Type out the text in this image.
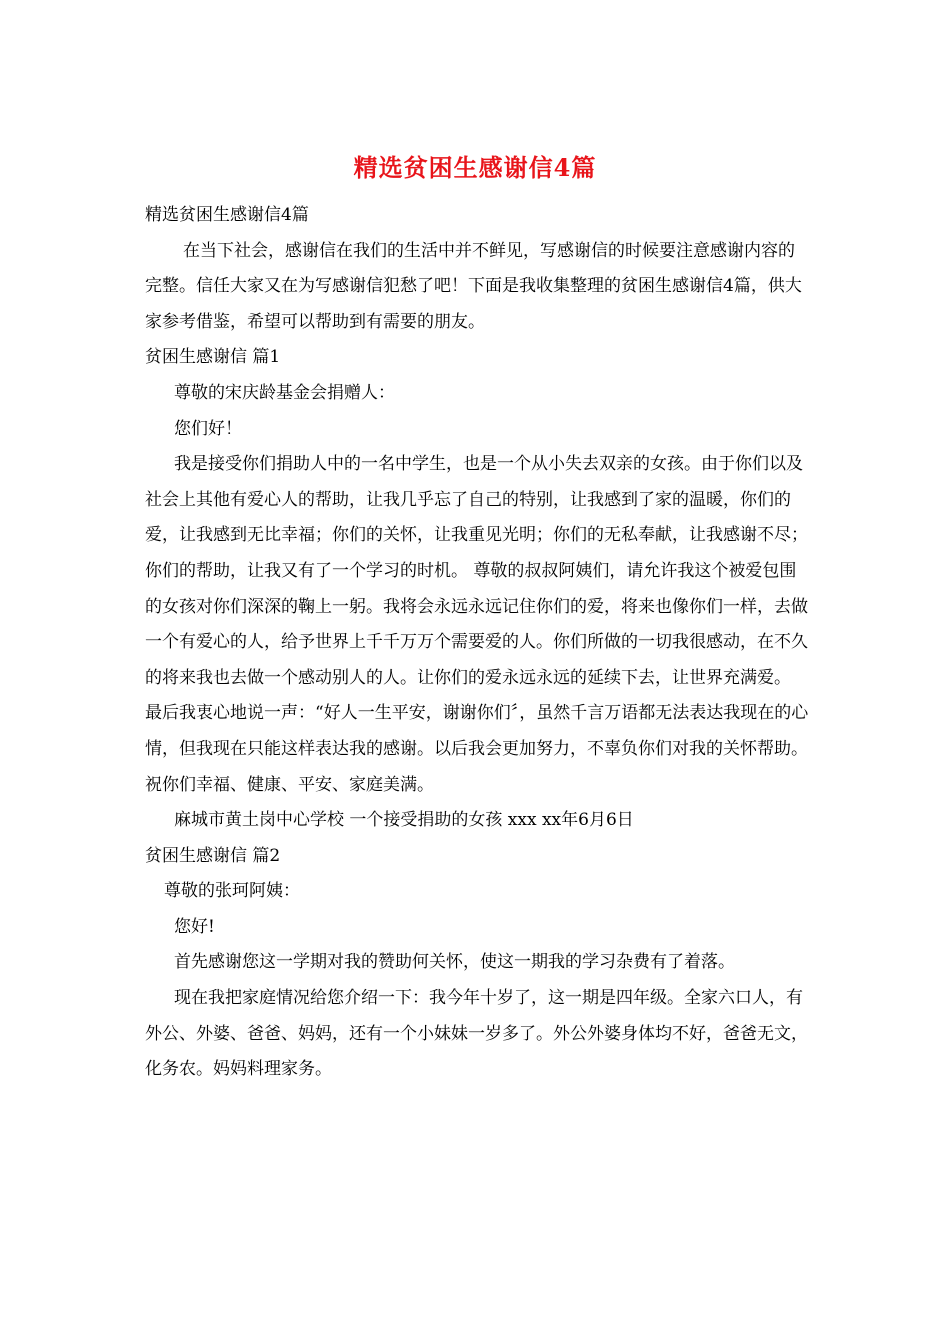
精选贫困生感谢信4篇

精选贫困生感谢信4篇

在当下社会，感谢信在我们的生活中并不鲜见，写感谢信的时候要注意感谢内容的完整。信任大家又在为写感谢信犯愁了吧！下面是我收集整理的贫困生感谢信4篇，供大家参考借鉴，希望可以帮助到有需要的朋友。

贫困生感谢信 篇1

尊敬的宋庆龄基金会捐赠人：

您们好！

我是接受你们捐助人中的一名中学生，也是一个从小失去双亲的女孩。由于你们以及社会上其他有爱心人的帮助，让我几乎忘了自己的特别，让我感到了家的温暖，你们的爱，让我感到无比幸福；你们的关怀，让我重见光明；你们的无私奉献，让我感谢不尽；你们的帮助，让我又有了一个学习的时机。 尊敬的叔叔阿姨们，请允许我这个被爱包围的女孩对你们深深的鞠上一躬。我将会永远永远记住你们的爱，将来也像你们一样，去做一个有爱心的人，给予世界上千千万万个需要爱的人。你们所做的一切我很感动，在不久的将来我也去做一个感动别人的人。让你们的爱永远永远的延续下去，让世界充满爱。 最后我衷心地说一声：“好人一生平安，谢谢你们〞，虽然千言万语都无法表达我现在的心情，但我现在只能这样表达我的感谢。以后我会更加努力，不辜负你们对我的关怀帮助。 祝你们幸福、健康、平安、家庭美满。

麻城市黄土岗中心学校 一个接受捐助的女孩 xxx xx年6月6日

贫困生感谢信 篇2

尊敬的张珂阿姨：

您好!

首先感谢您这一学期对我的赞助何关怀，使这一期我的学习杂费有了着落。

现在我把家庭情况给您介绍一下：我今年十岁了，这一期是四年级。全家六口人，有外公、外婆、爸爸、妈妈，还有一个小妹妹一岁多了。外公外婆身体均不好，爸爸无文，化务农。妈妈料理家务。
